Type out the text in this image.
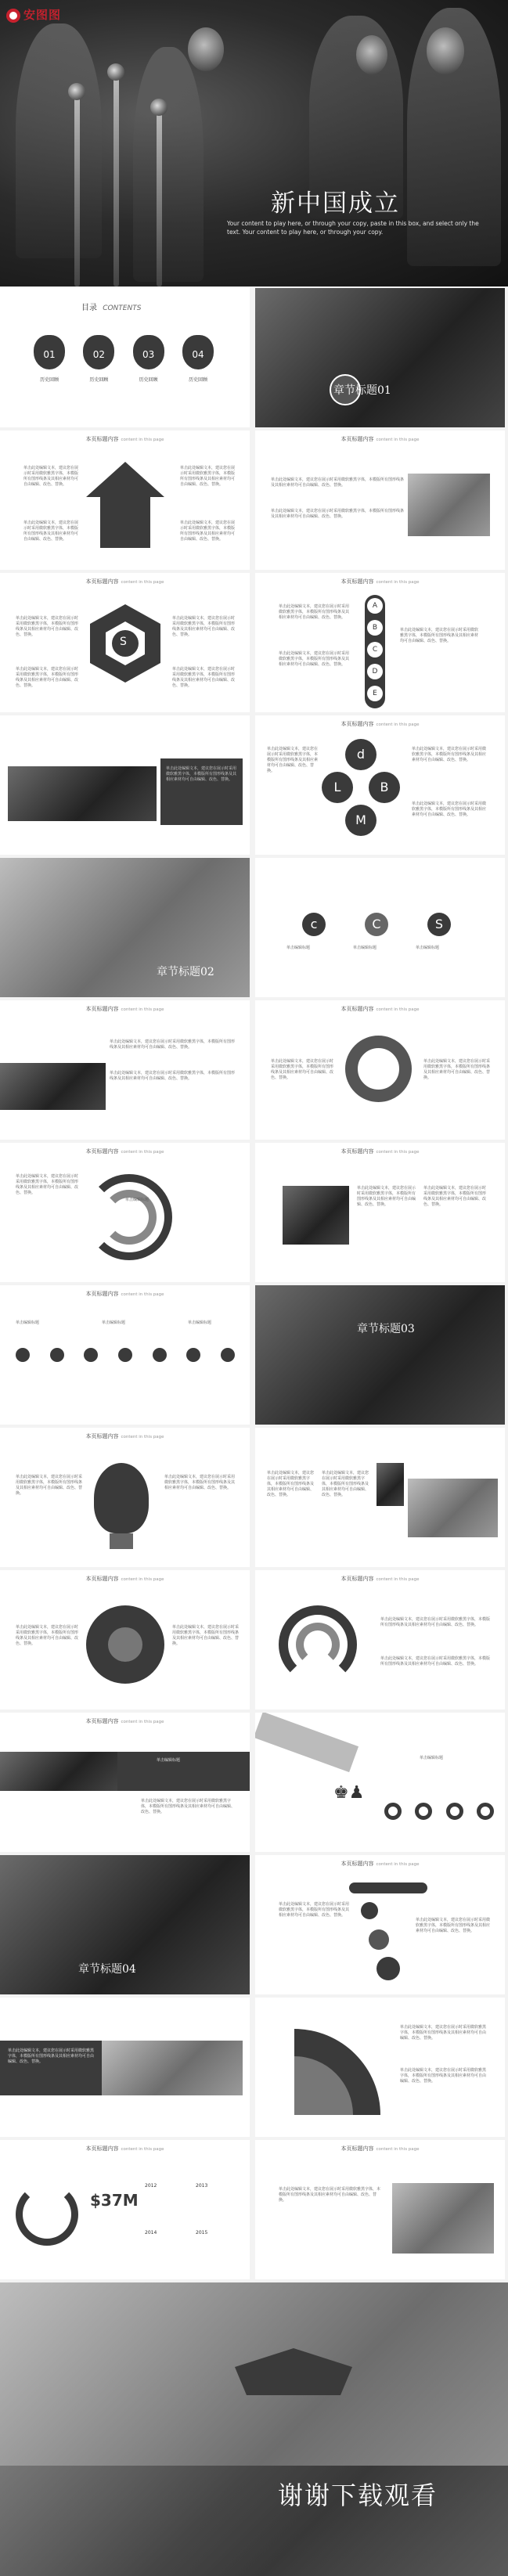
安图图
新中国成立
Your content to play here, or through your copy, paste in this box, and select only the text. Your content to play here, or through your copy.
目录 CONTENTS
01
历史回顾
02
历史回顾
03
历史回顾
04
历史回顾
章节标题01
本页标题内容 content in this page
单击此处编辑文本，建议您在展示时采用微软雅黑字体，本模版所有图形线条及其相应素材均可自由编辑、改色、替换。
单击此处编辑文本，建议您在展示时采用微软雅黑字体，本模版所有图形线条及其相应素材均可自由编辑、改色、替换。
单击此处编辑文本，建议您在展示时采用微软雅黑字体，本模版所有图形线条及其相应素材均可自由编辑、改色、替换。
单击此处编辑文本，建议您在展示时采用微软雅黑字体，本模版所有图形线条及其相应素材均可自由编辑、改色、替换。
本页标题内容 content in this page
单击此处编辑文本，建议您在展示时采用微软雅黑字体，本模版所有图形线条及其相应素材均可自由编辑、改色、替换。
单击此处编辑文本，建议您在展示时采用微软雅黑字体，本模版所有图形线条及其相应素材均可自由编辑、改色、替换。
本页标题内容 content in this page
S
单击此处编辑文本，建议您在展示时采用微软雅黑字体，本模版所有图形线条及其相应素材均可自由编辑、改色、替换。
单击此处编辑文本，建议您在展示时采用微软雅黑字体，本模版所有图形线条及其相应素材均可自由编辑、改色、替换。
单击此处编辑文本，建议您在展示时采用微软雅黑字体，本模版所有图形线条及其相应素材均可自由编辑、改色、替换。
单击此处编辑文本，建议您在展示时采用微软雅黑字体，本模版所有图形线条及其相应素材均可自由编辑、改色、替换。
本页标题内容 content in this page
A
B
C
D
E
单击此处编辑文本，建议您在展示时采用微软雅黑字体，本模版所有图形线条及其相应素材均可自由编辑、改色、替换。
单击此处编辑文本，建议您在展示时采用微软雅黑字体，本模版所有图形线条及其相应素材均可自由编辑、改色、替换。
单击此处编辑文本，建议您在展示时采用微软雅黑字体，本模版所有图形线条及其相应素材均可自由编辑、改色、替换。
单击此处编辑文本，建议您在展示时采用微软雅黑字体，本模版所有图形线条及其相应素材均可自由编辑、改色、替换。
本页标题内容 content in this page
d
L	B
M
单击此处编辑文本，建议您在展示时采用微软雅黑字体，本模版所有图形线条及其相应素材均可自由编辑、改色、替换。
单击此处编辑文本，建议您在展示时采用微软雅黑字体，本模版所有图形线条及其相应素材均可自由编辑、改色、替换。
单击此处编辑文本，建议您在展示时采用微软雅黑字体，本模版所有图形线条及其相应素材均可自由编辑、改色、替换。
章节标题02
c	C	S
单击编辑标题	单击编辑标题	单击编辑标题
本页标题内容 content in this page
单击此处编辑文本，建议您在展示时采用微软雅黑字体，本模版所有图形线条及其相应素材均可自由编辑、改色、替换。
单击此处编辑文本，建议您在展示时采用微软雅黑字体，本模版所有图形线条及其相应素材均可自由编辑、改色、替换。
本页标题内容 content in this page
单击此处编辑文本，建议您在展示时采用微软雅黑字体，本模版所有图形线条及其相应素材均可自由编辑、改色、替换。
单击此处编辑文本，建议您在展示时采用微软雅黑字体，本模版所有图形线条及其相应素材均可自由编辑、改色、替换。
本页标题内容 content in this page
单击此处编辑文本，建议您在展示时采用微软雅黑字体，本模版所有图形线条及其相应素材均可自由编辑、改色、替换。
单击编辑标题
本页标题内容 content in this page
单击此处编辑文本，建议您在展示时采用微软雅黑字体，本模版所有图形线条及其相应素材均可自由编辑、改色、替换。
单击此处编辑文本，建议您在展示时采用微软雅黑字体，本模版所有图形线条及其相应素材均可自由编辑、改色、替换。
本页标题内容 content in this page
单击编辑标题	单击编辑标题	单击编辑标题	章节标题03
本页标题内容 content in this page
单击此处编辑文本，建议您在展示时采用微软雅黑字体，本模版所有图形线条及其相应素材均可自由编辑、改色、替换。
单击此处编辑文本，建议您在展示时采用微软雅黑字体，本模版所有图形线条及其相应素材均可自由编辑、改色、替换。
单击此处编辑文本，建议您在展示时采用微软雅黑字体，本模版所有图形线条及其相应素材均可自由编辑、改色、替换。
单击此处编辑文本，建议您在展示时采用微软雅黑字体，本模版所有图形线条及其相应素材均可自由编辑、改色、替换。
本页标题内容 content in this page
单击此处编辑文本，建议您在展示时采用微软雅黑字体，本模版所有图形线条及其相应素材均可自由编辑、改色、替换。
单击此处编辑文本，建议您在展示时采用微软雅黑字体，本模版所有图形线条及其相应素材均可自由编辑、改色、替换。
本页标题内容 content in this page
单击此处编辑文本，建议您在展示时采用微软雅黑字体，本模版所有图形线条及其相应素材均可自由编辑、改色、替换。
单击此处编辑文本，建议您在展示时采用微软雅黑字体，本模版所有图形线条及其相应素材均可自由编辑、改色、替换。
本页标题内容 content in this page
单击编辑标题
单击此处编辑文本，建议您在展示时采用微软雅黑字体，本模版所有图形线条及其相应素材均可自由编辑、改色、替换。
♚♟
单击编辑标题
章节标题04
本页标题内容 content in this page
单击此处编辑文本，建议您在展示时采用微软雅黑字体，本模版所有图形线条及其相应素材均可自由编辑、改色、替换。
单击此处编辑文本，建议您在展示时采用微软雅黑字体，本模版所有图形线条及其相应素材均可自由编辑、改色、替换。
单击此处编辑文本，建议您在展示时采用微软雅黑字体，本模版所有图形线条及其相应素材均可自由编辑、改色、替换。
单击此处编辑文本，建议您在展示时采用微软雅黑字体，本模版所有图形线条及其相应素材均可自由编辑、改色、替换。
单击此处编辑文本，建议您在展示时采用微软雅黑字体，本模版所有图形线条及其相应素材均可自由编辑、改色、替换。
本页标题内容 content in this page
$37M
2012	2013
2014	2015
本页标题内容 content in this page
单击此处编辑文本，建议您在展示时采用微软雅黑字体，本模版所有图形线条及其相应素材均可自由编辑、改色、替换。
谢谢下载观看
